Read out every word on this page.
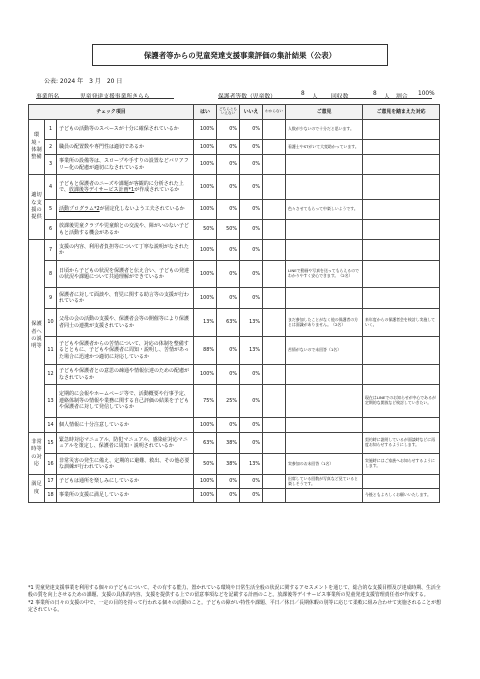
保護者等からの児童発達支援事業評価の集計結果（公表）
公表: 2024 年　3 月　20 日
事業所名	児童発達支援事業所きらら	保護者等数（児童数）	8 人 回収数	8 人 割合 100%
チェック項目			はい	どちらともいえない	いいえ	わからない	ご意見	ご意見を踏まえた対応
環境・体制整備	1	子どもの活動等のスペースが十分に確保されているか	100%	0%	0%		人数が少ないので十分だと思います。	
	2	職員の配置数や専門性は適切であるか	100%	0%	0%		看護士やSTがいて大変助かっています。	
	3	事業所の設備等は、スロープや手すりの設置などバリアフリー化の配慮が適切になされているか	100%	0%	0%			
適切な支援の提供	4	子どもと保護者のニーズや課題が客観的に分析された上で、放課後等デイサービス計画*1が作成されているか	100%	0%	0%			
	5	活動プログラム*2が固定化しないよう工夫されているか	100%	0%	0%		色々させてもらって中楽しいようです。	
	6	放課後児童クラブや児童館との交流や、障がいのない子どもと活動する機会があるか	50%	50%	0%			
保護者への説明等	7	支援の内容、利用者負担等について丁寧な説明がなされたか	100%	0%	0%			
	8	日頃から子どもの状況を保護者と伝え合い、子どもの発達の状況や課題について共通理解ができているか	100%	0%	0%		LINEで動画や写真を送ってもらえるのでわかりやすく安心できます。（2名）	
	9	保護者に対して面談や、育児に関する助言等の支援が行われているか	100%	0%	0%			
	10	父母の会の活動の支援や、保護者会等の開催等により保護者同士の連携が支援されているか	13%	63%	13%		まだ参加したことがなく他の保護者の方とは面識がありません。（2名）	来年度からの保護者会を検討し実施していく。
	11	子どもや保護者からの苦情について、対応の体制を整備するとともに、子どもや保護者に周知・説明し、苦情があった場合に迅速かつ適切に対応しているか	88%	0%	13%		苦情がないので未回答（1名）	
	12	子どもや保護者との意思の疎通や情報伝達のための配慮がなされているか	100%	0%	0%			
	13	定期的に会報やホームページ等で、活動概要や行事予定、連絡体制等の情報や業務に関する自己評価の結果を子どもや保護者に対して発信しているか	75%	25%	0%			現在はLINEでのお知らせが中心であるが定期的な開放など検討していきたい。
	14	個人情報に十分注意しているか	100%	0%	0%			
非常時等の対応	15	緊急時対応マニュアル、防犯マニュアル、感染症対応マニュアルを策定し、保護者に周知・説明されているか	63%	38%	0%			契約時に説明しているが面談時などに再度お知らせするようにします。
	16	非常災害の発生に備え、定期的に避難、救出、その他必要な訓練が行われているか	50%	38%	13%		実参加のお未回答（1名）	実施時にはご家族へお知らせするようにします。
満足度	17	子どもは通所を楽しみにしているか	100%	0%	0%		出席している回数が写真など見ていると楽しそうです。	
	18	事業所の支援に満足しているか	100%	0%	0%			今後ともよろしくお願いいたします。

*1 児童発達支援事業を利用する個々の子どもについて、その有する能力、置かれている環境や日常生活全般の状況に関するアセスメントを通じて、総合的な支援目標及び達成時期、生活全般の質を向上させるための課題、支援の具体的内容、支援を提供する上での留意事項などを記載する計画のこと。放課後等デイサービス事業所の児童発達支援管理責任者が作成する。

*2 事業所の日々の支援の中で、一定の目的を持って行われる個々の活動のこと。子どもの障がい特性や課題、平日／休日／長期休暇の別等に応じて柔軟に組み合わせて実施されることが想定されている。
